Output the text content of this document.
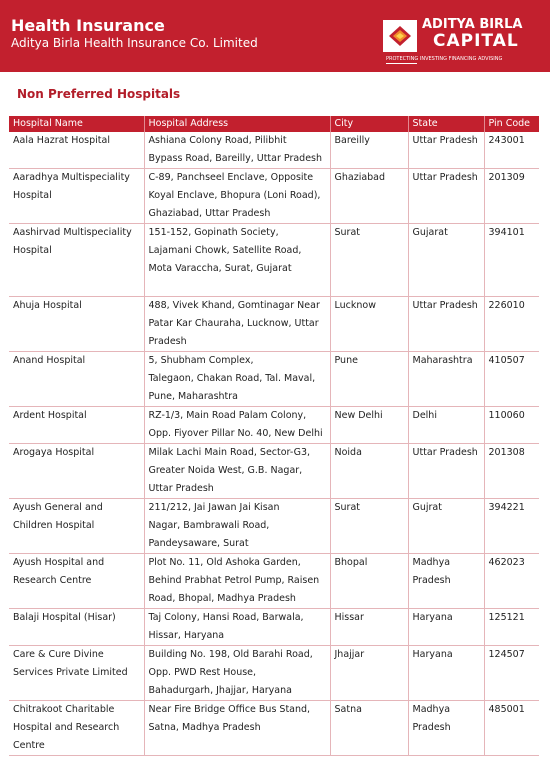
Health Insurance
Aditya Birla Health Insurance Co. Limited
ADITYA BIRLA
CAPITAL
PROTECTING INVESTING FINANCING ADVISING
Non Preferred Hospitals
Hospital Name	Hospital Address	City	State	Pin Code

Aala Hazrat Hospital	Ashiana Colony Road, Pilibhit
Bypass Road, Bareilly, Uttar Pradesh	Bareilly	Uttar Pradesh	243001

Aaradhya Multispeciality
Hospital	C-89, Panchseel Enclave, Opposite
Koyal Enclave, Bhopura (Loni Road),
Ghaziabad, Uttar Pradesh	Ghaziabad	Uttar Pradesh	201309

Aashirvad Multispeciality
Hospital	151-152, Gopinath Society,
Lajamani Chowk, Satellite Road,
Mota Varaccha, Surat, Gujarat	Surat	Gujarat	394101

Ahuja Hospital	488, Vivek Khand, Gomtinagar Near
Patar Kar Chauraha, Lucknow, Uttar
Pradesh	Lucknow	Uttar Pradesh	226010

Anand Hospital	5, Shubham Complex,
Talegaon, Chakan Road, Tal. Maval,
Pune, Maharashtra	Pune	Maharashtra	410507

Ardent Hospital	RZ-1/3, Main Road Palam Colony,
Opp. Fiyover Pillar No. 40, New Delhi	New Delhi	Delhi	110060

Arogaya Hospital	Milak Lachi Main Road, Sector-G3,
Greater Noida West, G.B. Nagar,
Uttar Pradesh	Noida	Uttar Pradesh	201308

Ayush General and
Children Hospital	211/212, Jai Jawan Jai Kisan
Nagar, Bambrawali Road,
Pandeysaware, Surat	Surat	Gujrat	394221

Ayush Hospital and
Research Centre	Plot No. 11, Old Ashoka Garden,
Behind Prabhat Petrol Pump, Raisen
Road, Bhopal, Madhya Pradesh	Bhopal	Madhya
Pradesh	462023

Balaji Hospital (Hisar)	Taj Colony, Hansi Road, Barwala,
Hissar, Haryana	Hissar	Haryana	125121

Care & Cure Divine
Services Private Limited	Building No. 198, Old Barahi Road,
Opp. PWD Rest House,
Bahadurgarh, Jhajjar, Haryana	Jhajjar	Haryana	124507

Chitrakoot Charitable
Hospital and Research
Centre	Near Fire Bridge Office Bus Stand,
Satna, Madhya Pradesh	Satna	Madhya
Pradesh	485001
